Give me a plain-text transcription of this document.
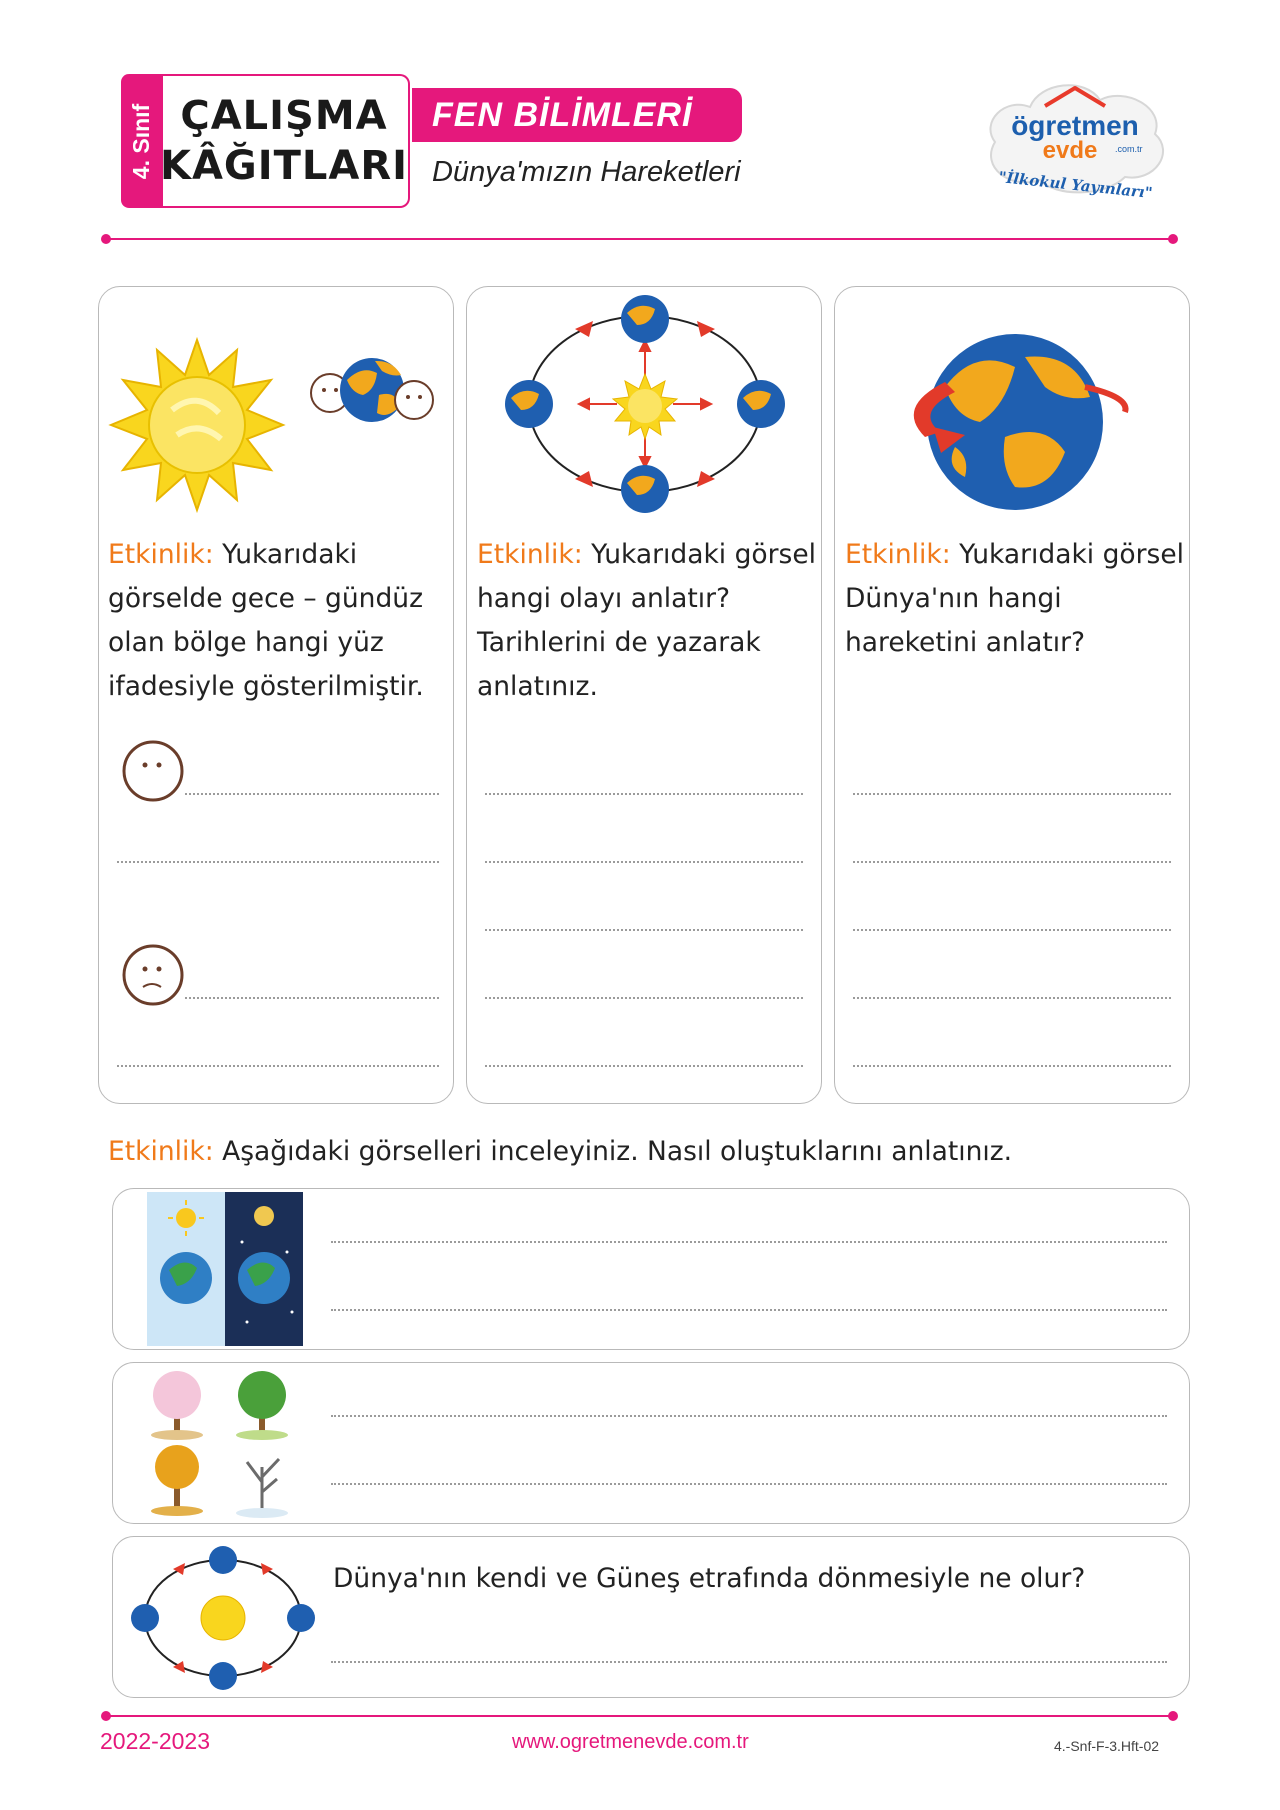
4. Sınıf ÇALIŞMA
KÂĞITLARI
FEN BİLİMLERİ
Dünya'mızın Hareketleri
ögretmen
evde .com.tr
"İlkokul Yayınları"
Etkinlik: Yukarıdaki görselde gece – gündüz olan bölge hangi yüz ifadesiyle gösterilmiştir.
Etkinlik: Yukarıdaki görsel hangi olayı anlatır? Tarihlerini de yazarak anlatınız.
Etkinlik: Yukarıdaki görsel Dünya'nın hangi hareketini anlatır?
Etkinlik: Aşağıdaki görselleri inceleyiniz. Nasıl oluştuklarını anlatınız.
Dünya'nın kendi ve Güneş etrafında dönmesiyle ne olur?
2022-2023	www.ogretmenevde.com.tr	4.-Snf-F-3.Hft-02
